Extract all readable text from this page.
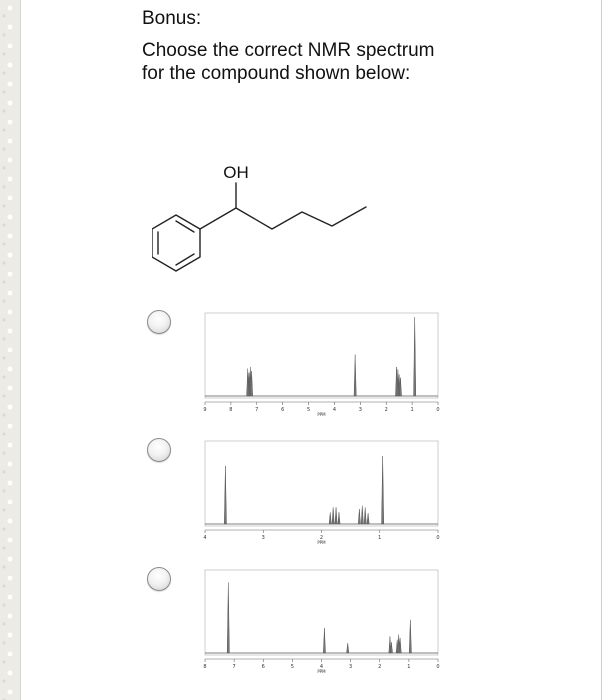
Bonus:

Choose the correct NMR spectrum for the compound shown below:

OH
9	8	7	6	5	4	3	2	1	0
PPM
4	3	2	1	0
PPM
8	7	6	5	4	3	2	1	0
PPM
